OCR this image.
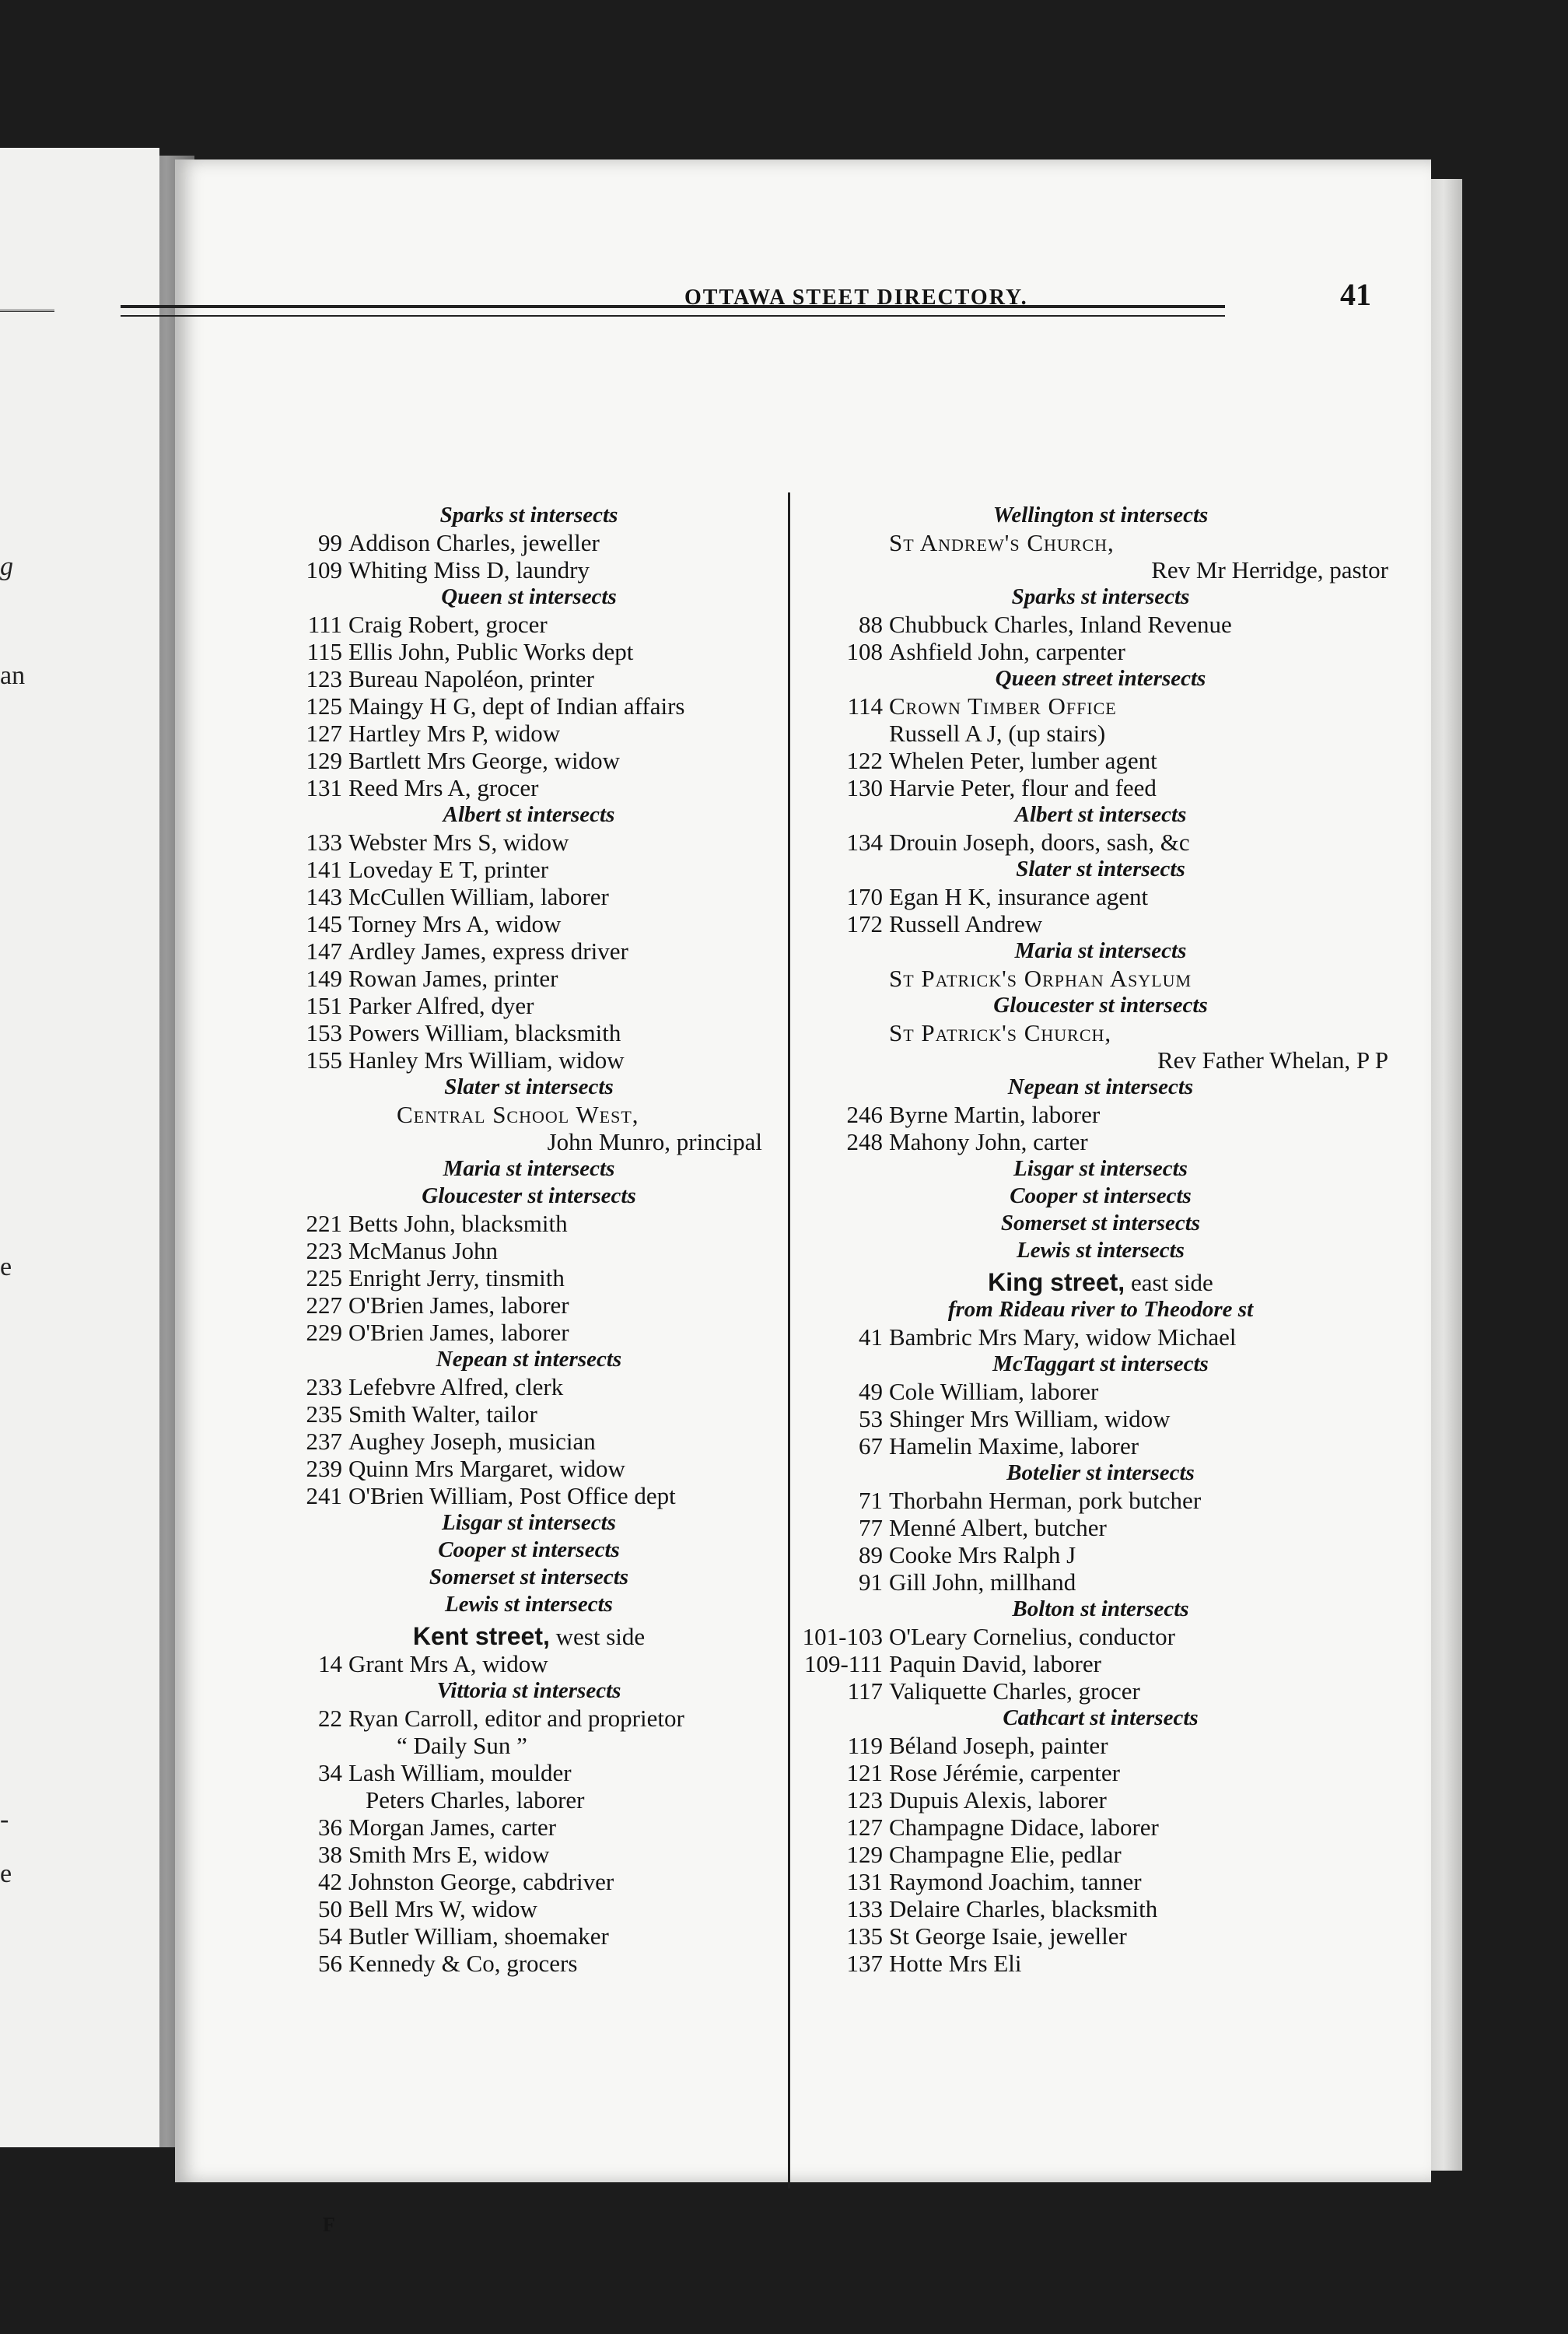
g
an
e
-
e
OTTAWA STEET DIRECTORY.	41
Sparks st intersects
99 Addison Charles, jeweller
109 Whiting Miss D, laundry
Queen st intersects
111 Craig Robert, grocer
115 Ellis John, Public Works dept
123 Bureau Napoléon, printer
125 Maingy H G, dept of Indian affairs
127 Hartley Mrs P, widow
129 Bartlett Mrs George, widow
131 Reed Mrs A, grocer
Albert st intersects
133 Webster Mrs S, widow
141 Loveday E T, printer
143 McCullen William, laborer
145 Torney Mrs A, widow
147 Ardley James, express driver
149 Rowan James, printer
151 Parker Alfred, dyer
153 Powers William, blacksmith
155 Hanley Mrs William, widow
Slater st intersects
Central School West,
John Munro, principal
Maria st intersects
Gloucester st intersects
221 Betts John, blacksmith
223 McManus John
225 Enright Jerry, tinsmith
227 O'Brien James, laborer
229 O'Brien James, laborer
Nepean st intersects
233 Lefebvre Alfred, clerk
235 Smith Walter, tailor
237 Aughey Joseph, musician
239 Quinn Mrs Margaret, widow
241 O'Brien William, Post Office dept
Lisgar st intersects
Cooper st intersects
Somerset st intersects
Lewis st intersects
Kent street, west side
14 Grant Mrs A, widow
Vittoria st intersects
22 Ryan Carroll, editor and proprietor
“ Daily Sun ”
34 Lash William, moulder
Peters Charles, laborer
36 Morgan James, carter
38 Smith Mrs E, widow
42 Johnston George, cabdriver
50 Bell Mrs W, widow
54 Butler William, shoemaker
56 Kennedy & Co, grocers
Wellington st intersects
St Andrew's Church,
Rev Mr Herridge, pastor
Sparks st intersects
88 Chubbuck Charles, Inland Revenue
108 Ashfield John, carpenter
Queen street intersects
114 Crown Timber Office
Russell A J, (up stairs)
122 Whelen Peter, lumber agent
130 Harvie Peter, flour and feed
Albert st intersects
134 Drouin Joseph, doors, sash, &c
Slater st intersects
170 Egan H K, insurance agent
172 Russell Andrew
Maria st intersects
St Patrick's Orphan Asylum
Gloucester st intersects
St Patrick's Church,
Rev Father Whelan, P P
Nepean st intersects
246 Byrne Martin, laborer
248 Mahony John, carter
Lisgar st intersects
Cooper st intersects
Somerset st intersects
Lewis st intersects
King street, east side
from Rideau river to Theodore st
41 Bambric Mrs Mary, widow Michael
McTaggart st intersects
49 Cole William, laborer
53 Shinger Mrs William, widow
67 Hamelin Maxime, laborer
Botelier st intersects
71 Thorbahn Herman, pork butcher
77 Menné Albert, butcher
89 Cooke Mrs Ralph J
91 Gill John, millhand
Bolton st intersects
101-103 O'Leary Cornelius, conductor
109-111 Paquin David, laborer
117 Valiquette Charles, grocer
Cathcart st intersects
119 Béland Joseph, painter
121 Rose Jérémie, carpenter
123 Dupuis Alexis, laborer
127 Champagne Didace, laborer
129 Champagne Elie, pedlar
131 Raymond Joachim, tanner
133 Delaire Charles, blacksmith
135 St George Isaie, jeweller
137 Hotte Mrs Eli
F
